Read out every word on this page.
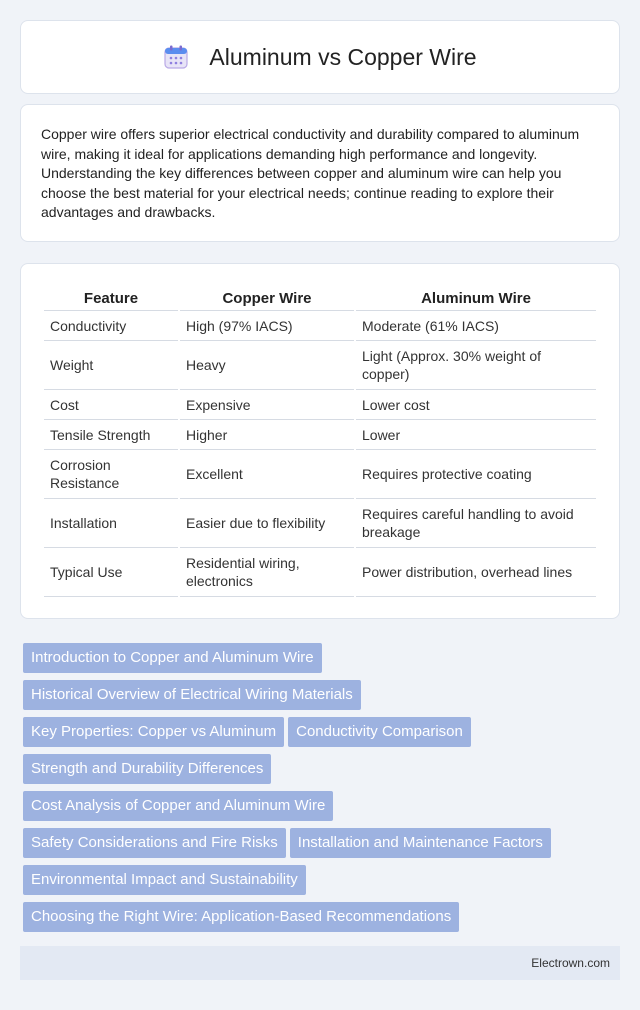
Aluminum vs Copper Wire

Copper wire offers superior electrical conductivity and durability compared to aluminum wire, making it ideal for applications demanding high performance and longevity. Understanding the key differences between copper and aluminum wire can help you choose the best material for your electrical needs; continue reading to explore their advantages and drawbacks.

Feature	Copper Wire	Aluminum Wire
Conductivity	High (97% IACS)	Moderate (61% IACS)
Weight	Heavy	Light (Approx. 30% weight of copper)
Cost	Expensive	Lower cost
Tensile Strength	Higher	Lower
Corrosion Resistance	Excellent	Requires protective coating
Installation	Easier due to flexibility	Requires careful handling to avoid breakage
Typical Use	Residential wiring, electronics	Power distribution, overhead lines
Introduction to Copper and Aluminum Wire
Historical Overview of Electrical Wiring Materials
Key Properties: Copper vs Aluminum Conductivity Comparison
Strength and Durability Differences
Cost Analysis of Copper and Aluminum Wire
Safety Considerations and Fire Risks Installation and Maintenance Factors
Environmental Impact and Sustainability
Choosing the Right Wire: Application-Based Recommendations
Electrown.com
